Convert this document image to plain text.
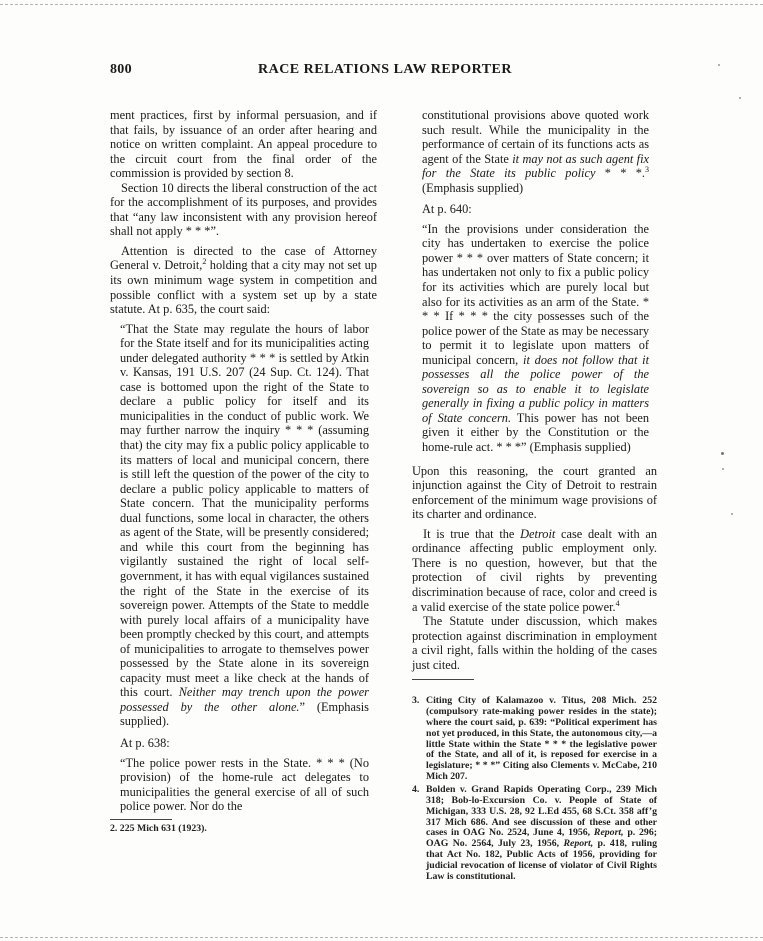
800	RACE RELATIONS LAW REPORTER

ment practices, first by informal persuasion, and if that fails, by issuance of an order after hearing and notice on written complaint. An appeal procedure to the circuit court from the final order of the commission is provided by section 8.

Section 10 directs the liberal construction of the act for the accomplishment of its purposes, and provides that “any law inconsistent with any provision hereof shall not apply * * *”.

Attention is directed to the case of Attorney General v. Detroit,$^2$ holding that a city may not set up its own minimum wage system in competition and possible conflict with a system set up by a state statute. At p. 635, the court said:

“That the State may regulate the hours of labor for the State itself and for its municipalities acting under delegated authority * * * is settled by Atkin v. Kansas, 191 U.S. 207 (24 Sup. Ct. 124). That case is bottomed upon the right of the State to declare a public policy for itself and its municipalities in the conduct of public work. We may further narrow the inquiry * * * (assuming that) the city may fix a public policy applicable to its matters of local and municipal concern, there is still left the question of the power of the city to declare a public policy applicable to matters of State concern. That the municipality performs dual functions, some local in character, the others as agent of the State, will be presently considered; and while this court from the beginning has vigilantly sustained the right of local self-government, it has with equal vigilances sustained the right of the State in the exercise of its sovereign power. Attempts of the State to meddle with purely local affairs of a municipality have been promptly checked by this court, and attempts of municipalities to arrogate to themselves power possessed by the State alone in its sovereign capacity must meet a like check at the hands of this court. Neither may trench upon the power possessed by the other alone.” (Emphasis supplied).

At p. 638:

“The police power rests in the State. * * * (No provision) of the home-rule act delegates to municipalities the general exercise of all of such police power. Nor do the

2. 225 Mich 631 (1923).

constitutional provisions above quoted work such result. While the municipality in the performance of certain of its functions acts as agent of the State it may not as such agent fix for the State its public policy * * *.$^3$ (Emphasis supplied)

At p. 640:

“In the provisions under consideration the city has undertaken to exercise the police power * * * over matters of State concern; it has undertaken not only to fix a public policy for its activities which are purely local but also for its activities as an arm of the State. * * * If * * * the city possesses such of the police power of the State as may be necessary to permit it to legislate upon matters of municipal concern, it does not follow that it possesses all the police power of the sovereign so as to enable it to legislate generally in fixing a public policy in matters of State concern. This power has not been given it either by the Constitution or the home-rule act. * * *” (Emphasis supplied)

Upon this reasoning, the court granted an injunction against the City of Detroit to restrain enforcement of the minimum wage provisions of its charter and ordinance.

It is true that the Detroit case dealt with an ordinance affecting public employment only. There is no question, however, but that the protection of civil rights by preventing discrimination because of race, color and creed is a valid exercise of the state police power.$^4$

The Statute under discussion, which makes protection against discrimination in employment a civil right, falls within the holding of the cases just cited.

3. Citing City of Kalamazoo v. Titus, 208 Mich. 252 (compulsory rate-making power resides in the state); where the court said, p. 639: “Political experiment has not yet produced, in this State, the autonomous city,—a little State within the State * * * the legislative power of the State, and all of it, is reposed for exercise in a legislature; * * *” Citing also Clements v. McCabe, 210 Mich 207.
4. Bolden v. Grand Rapids Operating Corp., 239 Mich 318; Bob-lo-Excursion Co. v. People of State of Michigan, 333 U.S. 28, 92 L.Ed 455, 68 S.Ct. 358 aff’g 317 Mich 686. And see discussion of these and other cases in OAG No. 2524, June 4, 1956, Report, p. 296; OAG No. 2564, July 23, 1956, Report, p. 418, ruling that Act No. 182, Public Acts of 1956, providing for judicial revocation of license of violator of Civil Rights Law is constitutional.
